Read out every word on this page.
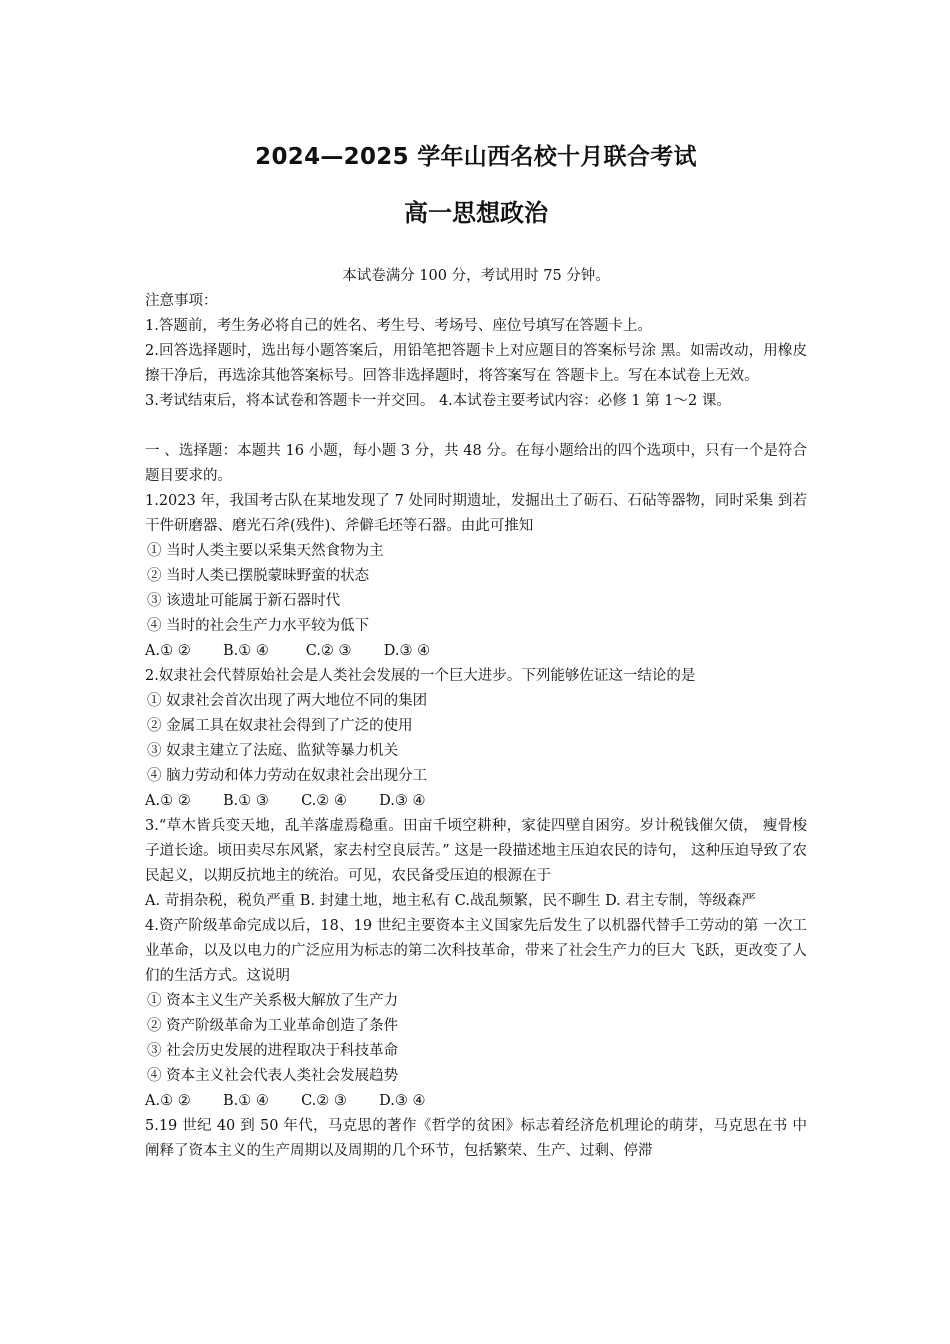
2024—2025 学年山西名校十月联合考试
高一思想政治
本试卷满分 100 分，考试用时 75 分钟。

注意事项：

1.答题前，考生务必将自己的姓名、考生号、考场号、座位号填写在答题卡上。

2.回答选择题时，选出每小题答案后，用铅笔把答题卡上对应题目的答案标号涂 黑。如需改动，用橡皮擦干净后，再选涂其他答案标号。回答非选择题时，将答案写在 答题卡上。写在本试卷上无效。

3.考试结束后，将本试卷和答题卡一并交回。 4.本试卷主要考试内容：必修 1 第 1～2 课。

一 、选择题：本题共 16 小题，每小题 3 分，共 48 分。在每小题给出的四个选项中，只有一个是符合题目要求的。

1.2023 年，我国考古队在某地发现了 7 处同时期遗址，发掘出土了砺石、石砧等器物，同时采集 到若干件研磨器、磨光石斧(残件)、斧僻毛坯等石器。由此可推知

① 当时人类主要以采集天然食物为主

② 当时人类已摆脱蒙昧野蛮的状态

③ 该遗址可能属于新石器时代

④ 当时的社会生产力水平较为低下

A.① ②       B.① ④        C.② ③       D.③ ④

2.奴隶社会代替原始社会是人类社会发展的一个巨大进步。下列能够佐证这一结论的是

① 奴隶社会首次出现了两大地位不同的集团

② 金属工具在奴隶社会得到了广泛的使用

③ 奴隶主建立了法庭、监狱等暴力机关

④ 脑力劳动和体力劳动在奴隶社会出现分工

A.① ②       B.① ③       C.② ④       D.③ ④

3.“草木皆兵变天地，乱羊落虚焉稳重。田亩千顷空耕种，家徒四壁自困穷。岁计税钱催欠债， 瘦骨梭子道长途。顷田卖尽东风紧，家去村空良辰苦。” 这是一段描述地主压迫农民的诗句， 这种压迫导致了农民起义，以期反抗地主的统治。可见，农民备受压迫的根源在于

A. 苛捐杂税，税负严重 B. 封建土地，地主私有 C.战乱频繁，民不聊生 D. 君主专制，等级森严

4.资产阶级革命完成以后，18、19 世纪主要资本主义国家先后发生了以机器代替手工劳动的第 一次工业革命，以及以电力的广泛应用为标志的第二次科技革命，带来了社会生产力的巨大 飞跃，更改变了人们的生活方式。这说明

① 资本主义生产关系极大解放了生产力

② 资产阶级革命为工业革命创造了条件

③ 社会历史发展的进程取决于科技革命

④ 资本主义社会代表人类社会发展趋势

A.① ②       B.① ④       C.② ③       D.③ ④

5.19 世纪 40 到 50 年代，马克思的著作《哲学的贫困》标志着经济危机理论的萌芽，马克思在书 中阐释了资本主义的生产周期以及周期的几个环节，包括繁荣、生产、过剩、停滞
